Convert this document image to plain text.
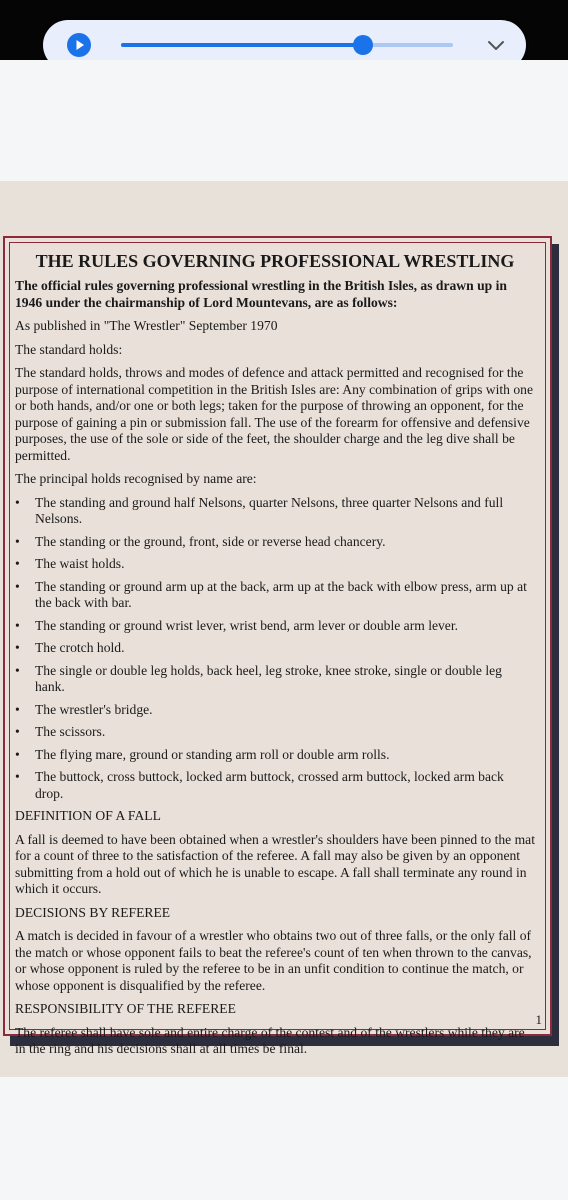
THE RULES GOVERNING PROFESSIONAL WRESTLING

The official rules governing professional wrestling in the British Isles, as drawn up in 1946 under the chairmanship of Lord Mountevans, are as follows:

As published in "The Wrestler" September 1970

The standard holds:

The standard holds, throws and modes of defence and attack permitted and recognised for the purpose of international competition in the British Isles are: Any combination of grips with one or both hands, and/or one or both legs; taken for the purpose of throwing an opponent, for the purpose of gaining a pin or submission fall. The use of the forearm for offensive and defensive purposes, the use of the sole or side of the feet, the shoulder charge and the leg dive shall be permitted.

The principal holds recognised by name are:

• The standing and ground half Nelsons, quarter Nelsons, three quarter Nelsons and full Nelsons.
• The standing or the ground, front, side or reverse head chancery.
• The waist holds.
• The standing or ground arm up at the back, arm up at the back with elbow press, arm up at the back with bar.
• The standing or ground wrist lever, wrist bend, arm lever or double arm lever.
• The crotch hold.
• The single or double leg holds, back heel, leg stroke, knee stroke, single or double leg hank.
• The wrestler's bridge.
• The scissors.
• The flying mare, ground or standing arm roll or double arm rolls.
• The buttock, cross buttock, locked arm buttock, crossed arm buttock, locked arm back drop.

DEFINITION OF A FALL

A fall is deemed to have been obtained when a wrestler's shoulders have been pinned to the mat for a count of three to the satisfaction of the referee. A fall may also be given by an opponent submitting from a hold out of which he is unable to escape. A fall shall terminate any round in which it occurs.

DECISIONS BY REFEREE

A match is decided in favour of a wrestler who obtains two out of three falls, or the only fall of the match or whose opponent fails to beat the referee's count of ten when thrown to the canvas, or whose opponent is ruled by the referee to be in an unfit condition to continue the match, or whose opponent is disqualified by the referee.

RESPONSIBILITY OF THE REFEREE

The referee shall have sole and entire charge of the contest and of the wrestlers while they are in the ring and his decisions shall at all times be final.

1
